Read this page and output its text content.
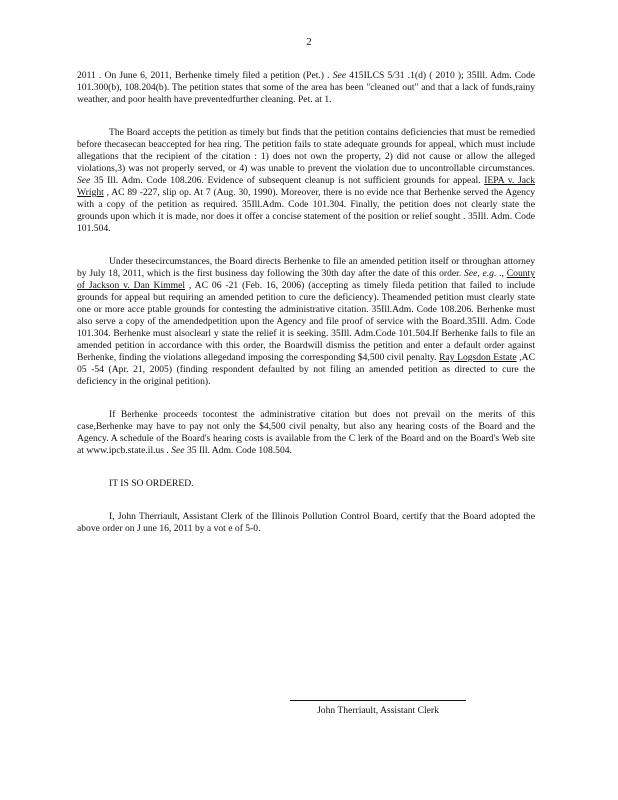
2

2011 . On June 6, 2011, Berhenke timely filed a petition (Pet.) . See 415ILCS 5/31 .1(d) ( 2010 ); 35Ill. Adm. Code 101.300(b), 108.204(b). The petition states that some of the area has been "cleaned out" and that a lack of funds,rainy weather, and poor health have preventedfurther cleaning. Pet. at 1.

The Board accepts the petition as timely but finds that the petition contains deficiencies that must be remedied before thecasecan beaccepted for hea ring. The petition fails to state adequate grounds for appeal, which must include allegations that the recipient of the citation : 1) does not own the property, 2) did not cause or allow the alleged violations,3) was not properly served, or 4) was unable to prevent the violation due to uncontrollable circumstances. See 35 Ill. Adm. Code 108.206. Evidence of subsequent cleanup is not sufficient grounds for appeal. IEPA v. Jack Wright , AC 89 -227, slip op. At 7 (Aug. 30, 1990). Moreover, there is no evide nce that Berhenke served the Agency with a copy of the petition as required. 35Ill.Adm. Code 101.304. Finally, the petition does not clearly state the grounds upon which it is made, nor does it offer a concise statement of the position or relief sought . 35Ill. Adm. Code 101.504.

Under thesecircumstances, the Board directs Berhenke to file an amended petition itself or throughan attorney by July 18, 2011, which is the first business day following the 30th day after the date of this order. See, e.g. ., County of Jackson v. Dan Kimmel , AC 06 -21 (Feb. 16, 2006) (accepting as timely fileda petition that failed to include grounds for appeal but requiring an amended petition to cure the deficiency). Theamended petition must clearly state one or more acce ptable grounds for contesting the administrative citation. 35Ill.Adm. Code 108.206. Berhenke must also serve a copy of the amendedpetition upon the Agency and file proof of service with the Board.35Ill. Adm. Code 101.304. Berhenke must alsoclearl y state the relief it is seeking. 35Ill. Adm.Code 101.504.If Berhenke fails to file an amended petition in accordance with this order, the Boardwill dismiss the petition and enter a default order against Berhenke, finding the violations allegedand imposing the corresponding $4,500 civil penalty. Ray Logsdon Estate ,AC 05 -54 (Apr. 21, 2005) (finding respondent defaulted by not filing an amended petition as directed to cure the deficiency in the original petition).

If Berhenke proceeds tocontest the administrative citation but does not prevail on the merits of this case,Berhenke may have to pay not only the $4,500 civil penalty, but also any hearing costs of the Board and the Agency. A schedule of the Board's hearing costs is available from the C lerk of the Board and on the Board's Web site at www.ipcb.state.il.us . See 35 Ill. Adm. Code 108.504.

IT IS SO ORDERED.

I, John Therriault, Assistant Clerk of the Illinois Pollution Control Board, certify that the Board adopted the above order on J une 16, 2011 by a vot e of 5-0.

John Therriault, Assistant Clerk
